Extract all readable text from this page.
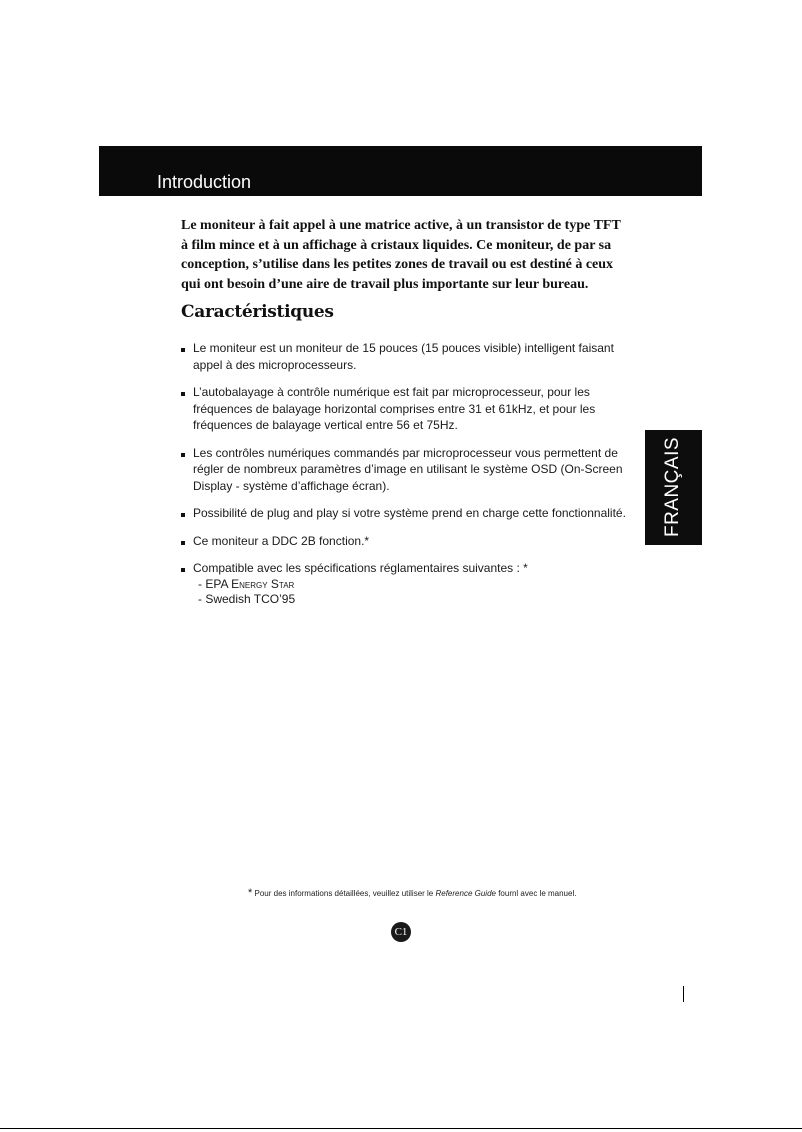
Introduction

Le moniteur à fait appel à une matrice active, à un transistor de type TFT à film mince et à un affichage à cristaux liquides. Ce moniteur, de par sa conception, s’utilise dans les petites zones de travail ou est destiné à ceux qui ont besoin d’une aire de travail plus importante sur leur bureau.

Caractéristiques
Le moniteur est un moniteur de 15 pouces (15 pouces visible) intelligent faisant appel à des microprocesseurs.
L’autobalayage à contrôle numérique est fait par microprocesseur, pour les fréquences de balayage horizontal comprises entre 31 et 61kHz, et pour les fréquences de balayage vertical entre 56 et 75Hz.
Les contrôles numériques commandés par microprocesseur vous permettent de régler de nombreux paramètres d’image en utilisant le système OSD (On-Screen Display - système d’affichage écran).
Possibilité de plug and play si votre système prend en charge cette fonctionnalité.
Ce moniteur a DDC 2B fonction.*
Compatible avec les spécifications réglamentaires suivantes : *
- EPA Energy Star
- Swedish TCO’95
FRANÇAIS

* Pour des informations détaillées, veuillez utiliser le Reference Guide fournl avec le manuel.

C1
